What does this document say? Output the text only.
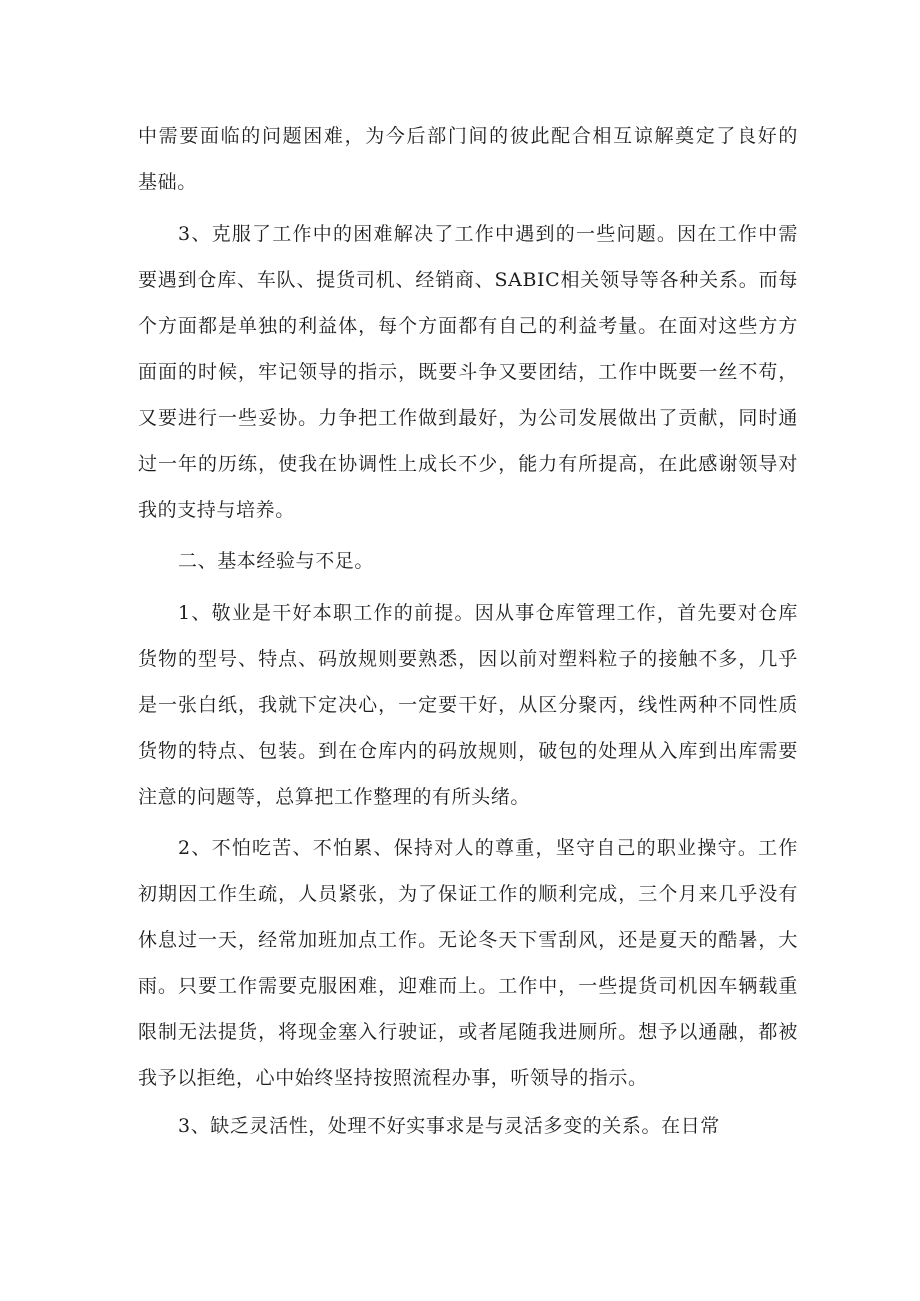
中需要面临的问题困难，为今后部门间的彼此配合相互谅解奠定了良好的
基础。
3、克服了工作中的困难解决了工作中遇到的一些问题。因在工作中需
要遇到仓库、车队、提货司机、经销商、SABIC相关领导等各种关系。而每
个方面都是单独的利益体，每个方面都有自己的利益考量。在面对这些方方
面面的时候，牢记领导的指示，既要斗争又要团结，工作中既要一丝不苟，
又要进行一些妥协。力争把工作做到最好，为公司发展做出了贡献，同时通
过一年的历练，使我在协调性上成长不少，能力有所提高，在此感谢领导对
我的支持与培养。
二、基本经验与不足。
1、敬业是干好本职工作的前提。因从事仓库管理工作，首先要对仓库
货物的型号、特点、码放规则要熟悉，因以前对塑料粒子的接触不多，几乎
是一张白纸，我就下定决心，一定要干好，从区分聚丙，线性两种不同性质
货物的特点、包装。到在仓库内的码放规则，破包的处理从入库到出库需要
注意的问题等，总算把工作整理的有所头绪。
2、不怕吃苦、不怕累、保持对人的尊重，坚守自己的职业操守。工作
初期因工作生疏，人员紧张，为了保证工作的顺利完成，三个月来几乎没有
休息过一天，经常加班加点工作。无论冬天下雪刮风，还是夏天的酷暑，大
雨。只要工作需要克服困难，迎难而上。工作中，一些提货司机因车辆载重
限制无法提货，将现金塞入行驶证，或者尾随我进厕所。想予以通融，都被
我予以拒绝，心中始终坚持按照流程办事，听领导的指示。
3、缺乏灵活性，处理不好实事求是与灵活多变的关系。在日常
